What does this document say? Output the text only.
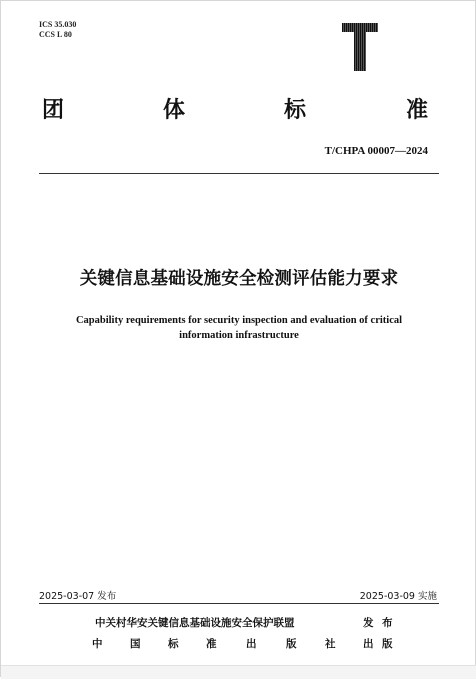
ICS 35.030
CCS L 80
团	体	标	准
T/CHPA 00007—2024
关键信息基础设施安全检测评估能力要求
Capability requirements for security inspection and evaluation of critical
information infrastructure
2025-03-07 发布	2025-03-09 实施
中关村华安关键信息基础设施安全保护联盟	发 布
中	国	标	准	出	版	社	出 版
